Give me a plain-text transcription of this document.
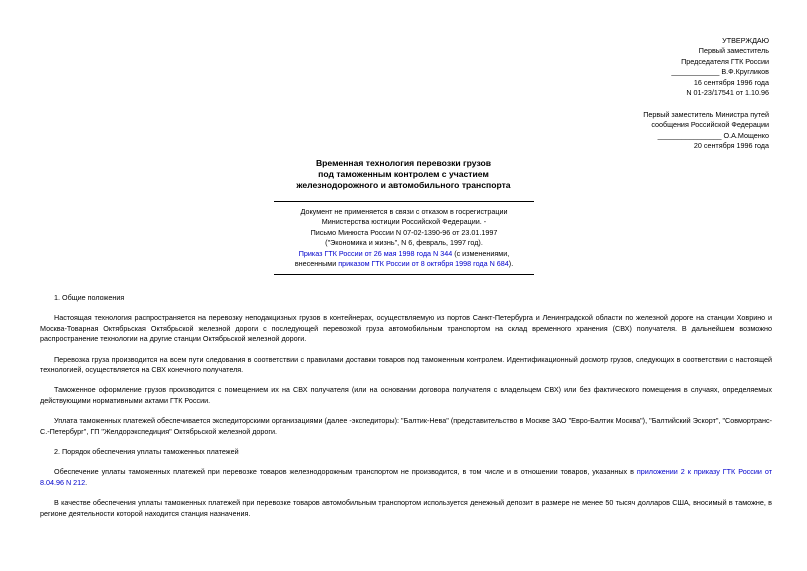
УТВЕРЖДАЮ
Первый заместитель
Председателя ГТК России
____________ В.Ф.Кругликов
16 сентября 1996 года
N 01-23/17541 от 1.10.96
Первый заместитель Министра путей
сообщения Российской Федерации
________________ О.А.Мощенко
20 сентября 1996 года
Временная технология перевозки грузов
под таможенным контролем с участием
железнодорожного и автомобильного транспорта
Документ не применяется в связи с отказом в госрегистрации
Министерства юстиции Российской Федерации. -
Письмо Минюста России N 07-02-1390-96 от 23.01.1997
("Экономика и жизнь", N 6, февраль, 1997 год).
Приказ ГТК России от 26 мая 1998 года N 344 (с изменениями,
внесенными приказом ГТК России от 8 октября 1998 года N 684).

1. Общие положения

Настоящая технология распространяется на перевозку неподакцизных грузов в контейнерах, осуществляемую из портов Санкт-Петербурга и Ленинградской области по железной дороге на станции Ховрино и Москва-Товарная Октябрьская Октябрьской железной дороги с последующей перевозкой груза автомобильным транспортом на склад временного хранения (СВХ) получателя. В дальнейшем возможно распространение технологии на другие станции Октябрьской железной дороги.

Перевозка груза производится на всем пути следования в соответствии с правилами доставки товаров под таможенным контролем. Идентификационный досмотр грузов, следующих в соответствии с настоящей технологией, осуществляется на СВХ конечного получателя.

Таможенное оформление грузов производится с помещением их на СВХ получателя (или на основании договора получателя с владельцем СВХ) или без фактического помещения в случаях, определяемых действующими нормативными актами ГТК России.

Уплата таможенных платежей обеспечивается экспедиторскими организациями (далее -экспедиторы): "Балтик-Нева" (представительство в Москве ЗАО "Евро-Балтик Москва"), "Балтийский Эскорт", "Совмортранс-С.-Петербург", ГП "Желдорэкспедиция" Октябрьской железной дороги.

2. Порядок обеспечения уплаты таможенных платежей

Обеспечение уплаты таможенных платежей при перевозке товаров железнодорожным транспортом не производится, в том числе и в отношении товаров, указанных в приложении 2 к приказу ГТК России от 8.04.96 N 212.

В качестве обеспечения уплаты таможенных платежей при перевозке товаров автомобильным транспортом используется денежный депозит в размере не менее 50 тысяч долларов США, вносимый в таможне, в регионе деятельности которой находится станция назначения.
